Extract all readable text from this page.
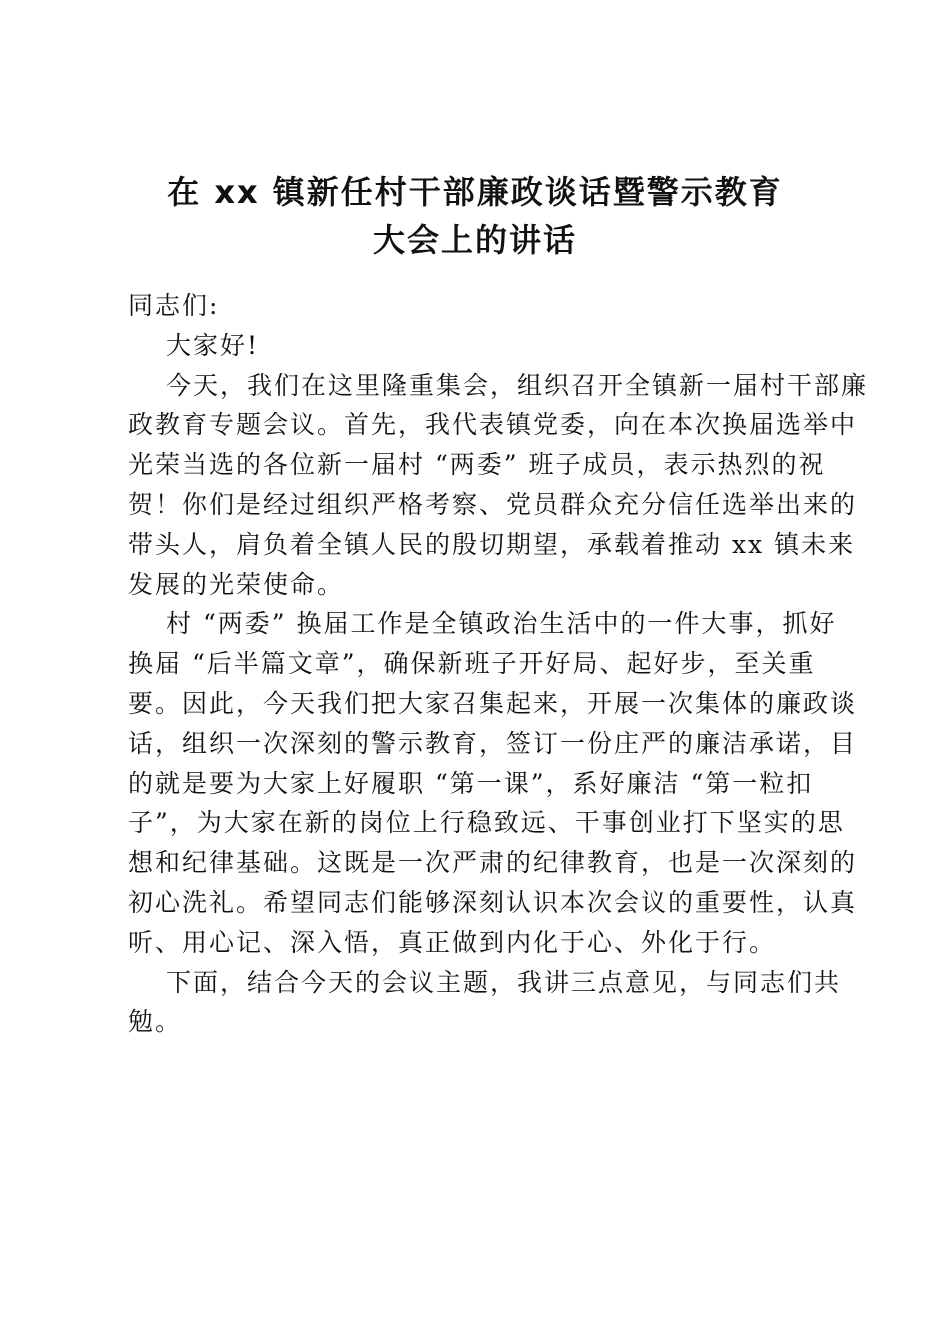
在 xx 镇新任村干部廉政谈话暨警示教育
大会上的讲话
同志们:
大家好!
今天，我们在这里隆重集会，组织召开全镇新一届村干部廉
政教育专题会议。首先，我代表镇党委，向在本次换届选举中
光荣当选的各位新一届村 “两委” 班子成员，表示热烈的祝
贺！你们是经过组织严格考察、党员群众充分信任选举出来的
带头人，肩负着全镇人民的殷切期望，承载着推动 xx 镇未来
发展的光荣使命。
村 “两委” 换届工作是全镇政治生活中的一件大事，抓好
换届 “后半篇文章”，确保新班子开好局、起好步，至关重
要。因此，今天我们把大家召集起来，开展一次集体的廉政谈
话，组织一次深刻的警示教育，签订一份庄严的廉洁承诺，目
的就是要为大家上好履职 “第一课”，系好廉洁 “第一粒扣
子”，为大家在新的岗位上行稳致远、干事创业打下坚实的思
想和纪律基础。这既是一次严肃的纪律教育，也是一次深刻的
初心洗礼。希望同志们能够深刻认识本次会议的重要性，认真
听、用心记、深入悟，真正做到内化于心、外化于行。
下面，结合今天的会议主题，我讲三点意见，与同志们共
勉。
